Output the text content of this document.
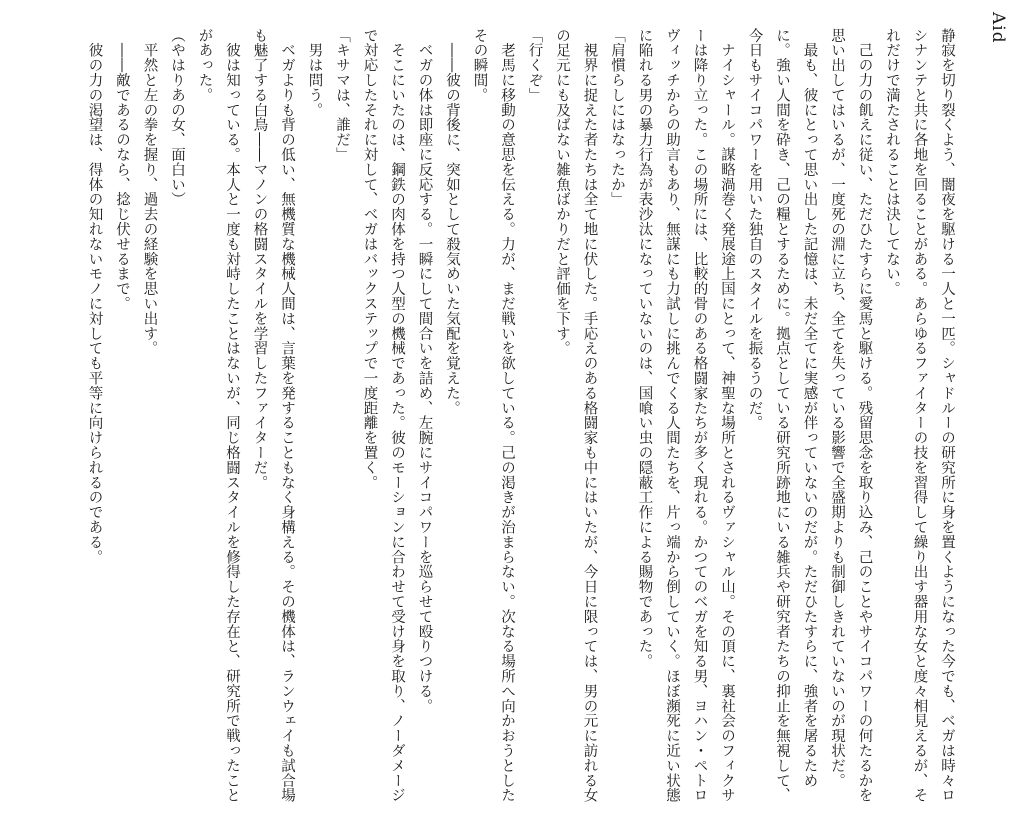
Aid

静寂を切り裂くよう、闇夜を駆ける一人と一匹。シャドルーの研究所に身を置くようになった今でも、ベガは時々ロシナンテと共に各地を回ることがある。あらゆるファイターの技を習得して繰り出す器用な女と度々相見えるが、それだけで満たされることは決してない。

　己の力の飢えに従い、ただひたすらに愛馬と駆ける。残留思念を取り込み、己のことやサイコパワーの何たるかを思い出してはいるが、一度死の淵に立ち、全てを失っている影響で全盛期よりも制御しきれていないのが現状だ。

　最も、彼にとって思い出した記憶は、未だ全てに実感が伴っていないのだが。ただひたすらに、強者を屠るために。強い人間を砕き、己の糧とするために。拠点としている研究所跡地にいる雑兵や研究者たちの抑止を無視して、今日もサイコパワーを用いた独自のスタイルを振るうのだ。

　ナイシャール。謀略渦巻く発展途上国にとって、神聖な場所とされるヴァシャル山。その頂に、裏社会のフィクサーは降り立った。この場所には、比較的骨のある格闘家たちが多く現れる。かつてのベガを知る男、ヨハン・ペトロヴィッチからの助言もあり、無謀にも力試しに挑んでくる人間たちを、片っ端から倒していく。ほぼ瀕死に近い状態に陥れる男の暴力行為が表沙汰になっていないのは、国喰い虫の隠蔽工作による賜物であった。

「肩慣らしにはなったか」

　視界に捉えた者たちは全て地に伏した。手応えのある格闘家も中にはいたが、今日に限っては、男の元に訪れる女の足元にも及ばない雑魚ばかりだと評価を下す。

「行くぞ」

　老馬に移動の意思を伝える。力が、まだ戦いを欲している。己の渇きが治まらない。次なる場所へ向かおうとしたその瞬間。

　――彼の背後に、突如として殺気めいた気配を覚えた。

　ベガの体は即座に反応する。一瞬にして間合いを詰め、左腕にサイコパワーを巡らせて殴りつける。

　そこにいたのは、鋼鉄の肉体を持つ人型の機械であった。彼のモーションに合わせて受け身を取り、ノーダメージで対応したそれに対して、ベガはバックステップで一度距離を置く。

「キサマは、誰だ」

　男は問う。

　ベガよりも背の低い、無機質な機械人間は、言葉を発することもなく身構える。その機体は、ランウェイも試合場も魅了する白鳥――マノンの格闘スタイルを学習したファイターだ。

　彼は知っている。本人と一度も対峙したことはないが、同じ格闘スタイルを修得した存在と、研究所で戦ったことがあった。

（やはりあの女、面白い）

　平然と左の拳を握り、過去の経験を思い出す。

　――敵であるのなら、捻じ伏せるまで。

　彼の力の渇望は、得体の知れないモノに対しても平等に向けられるのである。
